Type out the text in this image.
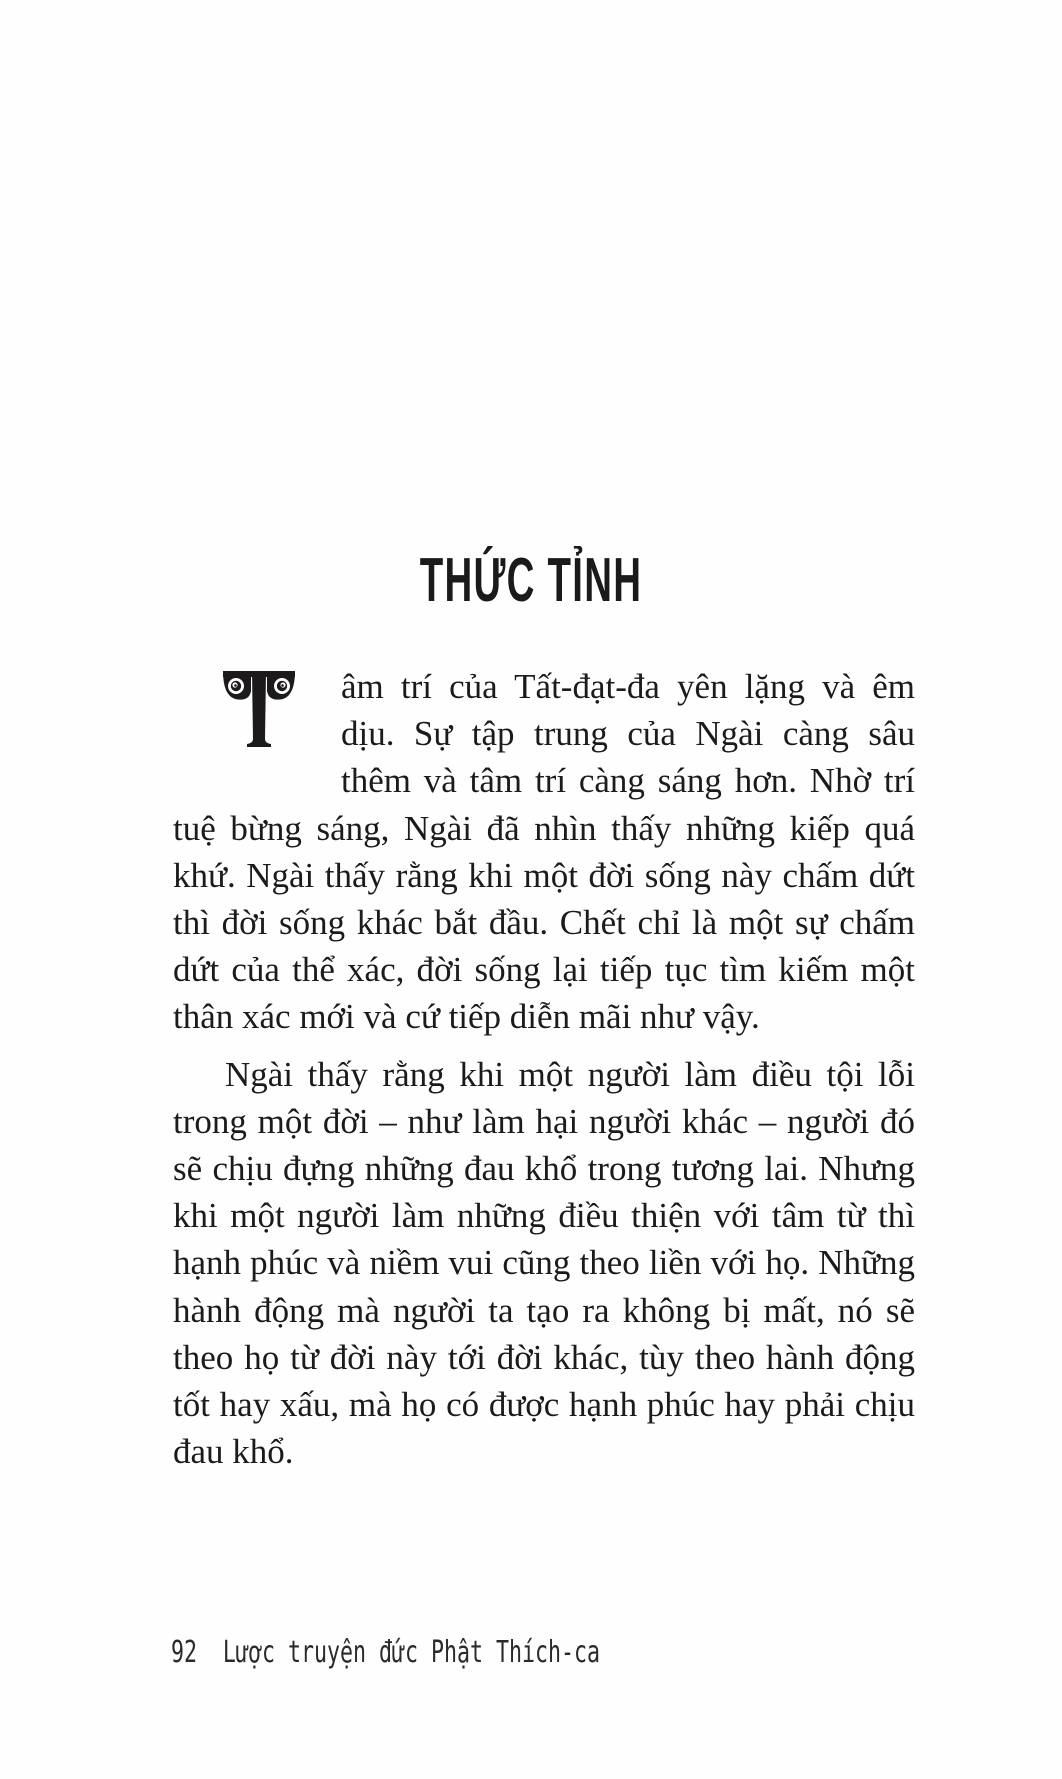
THỨC TỈNH

âm trí của Tất-đạt-đa yên lặng và êm dịu. Sự tập trung của Ngài càng sâu thêm và tâm trí càng sáng hơn. Nhờ trí tuệ bừng sáng, Ngài đã nhìn thấy những kiếp quá khứ. Ngài thấy rằng khi một đời sống này chấm dứt thì đời sống khác bắt đầu. Chết chỉ là một sự chấm dứt của thể xác, đời sống lại tiếp tục tìm kiếm một thân xác mới và cứ tiếp diễn mãi như vậy.

Ngài thấy rằng khi một người làm điều tội lỗi trong một đời – như làm hại người khác – người đó sẽ chịu đựng những đau khổ trong tương lai. Nhưng khi một người làm những điều thiện với tâm từ thì hạnh phúc và niềm vui cũng theo liền với họ. Những hành động mà người ta tạo ra không bị mất, nó sẽ theo họ từ đời này tới đời khác, tùy theo hành động tốt hay xấu, mà họ có được hạnh phúc hay phải chịu đau khổ.

92 Lược truyện đức Phật Thích-ca
